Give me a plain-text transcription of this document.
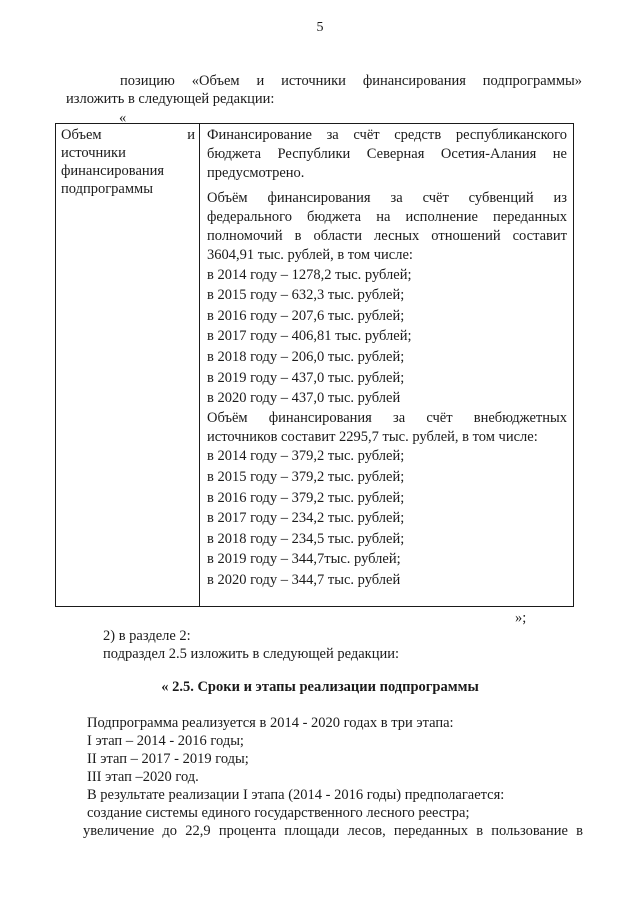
5
позицию «Объем и источники финансирования подпрограммы»
изложить в следующей редакции:
«
Объем	и
источники
финансирования
подпрограммы

Финансирование за счёт средств республиканского
бюджета Республики Северная Осетия-Алания не
предусмотрено.
Объём финансирования за счёт субвенций из
федерального бюджета на исполнение переданных
полномочий в области лесных отношений составит
3604,91 тыс. рублей, в том числе:
в 2014 году – 1278,2 тыс. рублей;
в 2015 году – 632,3 тыс. рублей;
в 2016 году – 207,6 тыс. рублей;
в 2017 году – 406,81 тыс. рублей;
в 2018 году – 206,0 тыс. рублей;
в 2019 году – 437,0 тыс. рублей;
в 2020 году – 437,0 тыс. рублей
Объём финансирования за счёт внебюджетных
источников составит 2295,7 тыс. рублей, в том числе:
в 2014 году – 379,2 тыс. рублей;
в 2015 году – 379,2 тыс. рублей;
в 2016 году – 379,2 тыс. рублей;
в 2017 году – 234,2 тыс. рублей;
в 2018 году – 234,5 тыс. рублей;
в 2019 году – 344,7тыс. рублей;
в 2020 году – 344,7 тыс. рублей
»;
2) в разделе 2:
подраздел 2.5 изложить в следующей редакции:
« 2.5. Сроки и этапы реализации подпрограммы
Подпрограмма реализуется в 2014 - 2020 годах в три этапа:
I этап – 2014 - 2016 годы;
II этап – 2017 - 2019 годы;
III этап –2020 год.
В результате реализации I этапа (2014 - 2016 годы) предполагается:
создание системы единого государственного лесного реестра;
увеличение до 22,9 процента площади лесов, переданных в пользование в
